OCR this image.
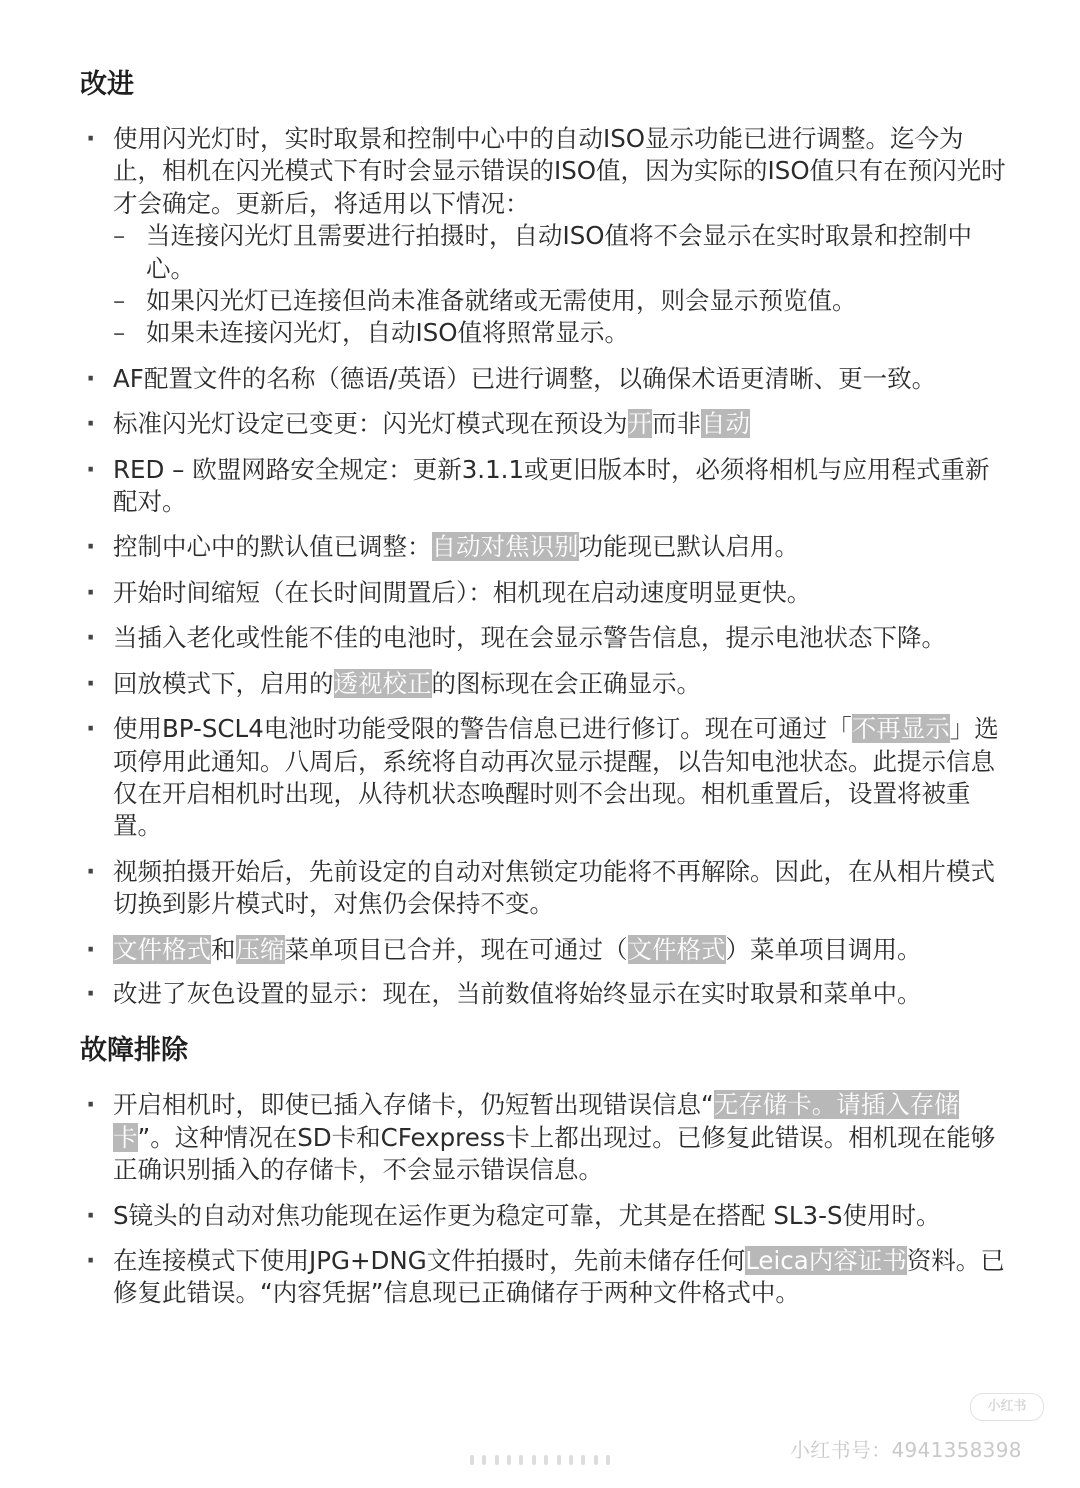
改进
· 使用闪光灯时，实时取景和控制中心中的自动ISO显示功能已进行调整。迄今为止，相机在闪光模式下有时会显示错误的ISO值，因为实际的ISO值只有在预闪光时才会确定。更新后，将适用以下情况：
– 当连接闪光灯且需要进行拍摄时，自动ISO值将不会显示在实时取景和控制中心。
– 如果闪光灯已连接但尚未准备就绪或无需使用，则会显示预览值。
– 如果未连接闪光灯，自动ISO值将照常显示。
· AF配置文件的名称（德语/英语）已进行调整，以确保术语更清晰、更一致。
· 标准闪光灯设定已变更：闪光灯模式现在预设为开而非自动
· RED – 欧盟网路安全规定：更新3.1.1或更旧版本时，必须将相机与应用程式重新配对。
· 控制中心中的默认值已调整：自动对焦识别功能现已默认启用。
· 开始时间缩短（在长时间閒置后）：相机现在启动速度明显更快。
· 当插入老化或性能不佳的电池时，现在会显示警告信息，提示电池状态下降。
· 回放模式下，启用的透视校正的图标现在会正确显示。
· 使用BP-SCL4电池时功能受限的警告信息已进行修订。现在可通过「不再显示」选项停用此通知。八周后，系统将自动再次显示提醒，以告知电池状态。此提示信息仅在开启相机时出现，从待机状态唤醒时则不会出现。相机重置后，设置将被重置。
· 视频拍摄开始后，先前设定的自动对焦锁定功能将不再解除。因此，在从相片模式切换到影片模式时，对焦仍会保持不变。
· 文件格式和压缩菜单项目已合并，现在可通过（文件格式）菜单项目调用。
· 改进了灰色设置的显示：现在，当前数值将始终显示在实时取景和菜单中。
故障排除
· 开启相机时，即使已插入存储卡，仍短暂出现错误信息“无存储卡。请插入存储卡”。这种情况在SD卡和CFexpress卡上都出现过。已修复此错误。相机现在能够正确识别插入的存储卡，不会显示错误信息。
· S镜头的自动对焦功能现在运作更为稳定可靠，尤其是在搭配 SL3-S使用时。
· 在连接模式下使用JPG+DNG文件拍摄时，先前未储存任何Leica内容证书资料。已修复此错误。“内容凭据”信息现已正确储存于两种文件格式中。
小红书
小红书号：4941358398
